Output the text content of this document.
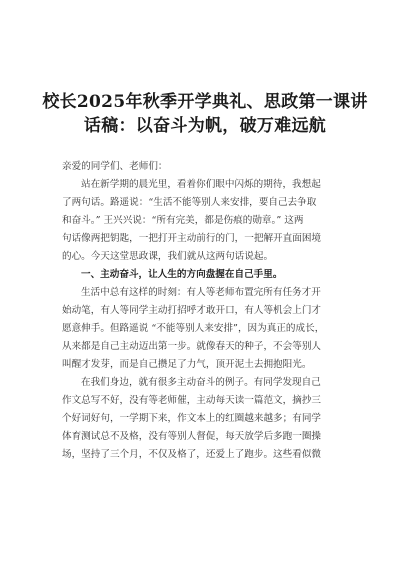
校长2025年秋季开学典礼、思政第一课讲
话稿：以奋斗为帆，破万难远航
亲爱的同学们、老师们：
站在新学期的晨光里，看着你们眼中闪烁的期待，我想起
了两句话。路遥说：“生活不能等别人来安排，要自己去争取
和奋斗。” 王兴兴说：“所有完美，都是伤痕的勋章。” 这两
句话像两把钥匙，一把打开主动前行的门，一把解开直面困境
的心。今天这堂思政课，我们就从这两句话说起。
一、主动奋斗，让人生的方向盘握在自己手里。
生活中总有这样的时刻：有人等老师布置完所有任务才开
始动笔，有人等同学主动打招呼才敢开口，有人等机会上门才
愿意伸手。但路遥说 “不能等别人来安排”，因为真正的成长，
从来都是自己主动迈出第一步。就像春天的种子，不会等别人
叫醒才发芽，而是自己攒足了力气，顶开泥土去拥抱阳光。
在我们身边，就有很多主动奋斗的例子。有同学发现自己
作文总写不好，没有等老师催，主动每天读一篇范文，摘抄三
个好词好句，一学期下来，作文本上的红圈越来越多；有同学
体育测试总不及格，没有等别人督促，每天放学后多跑一圈操
场，坚持了三个月，不仅及格了，还爱上了跑步。这些看似微
